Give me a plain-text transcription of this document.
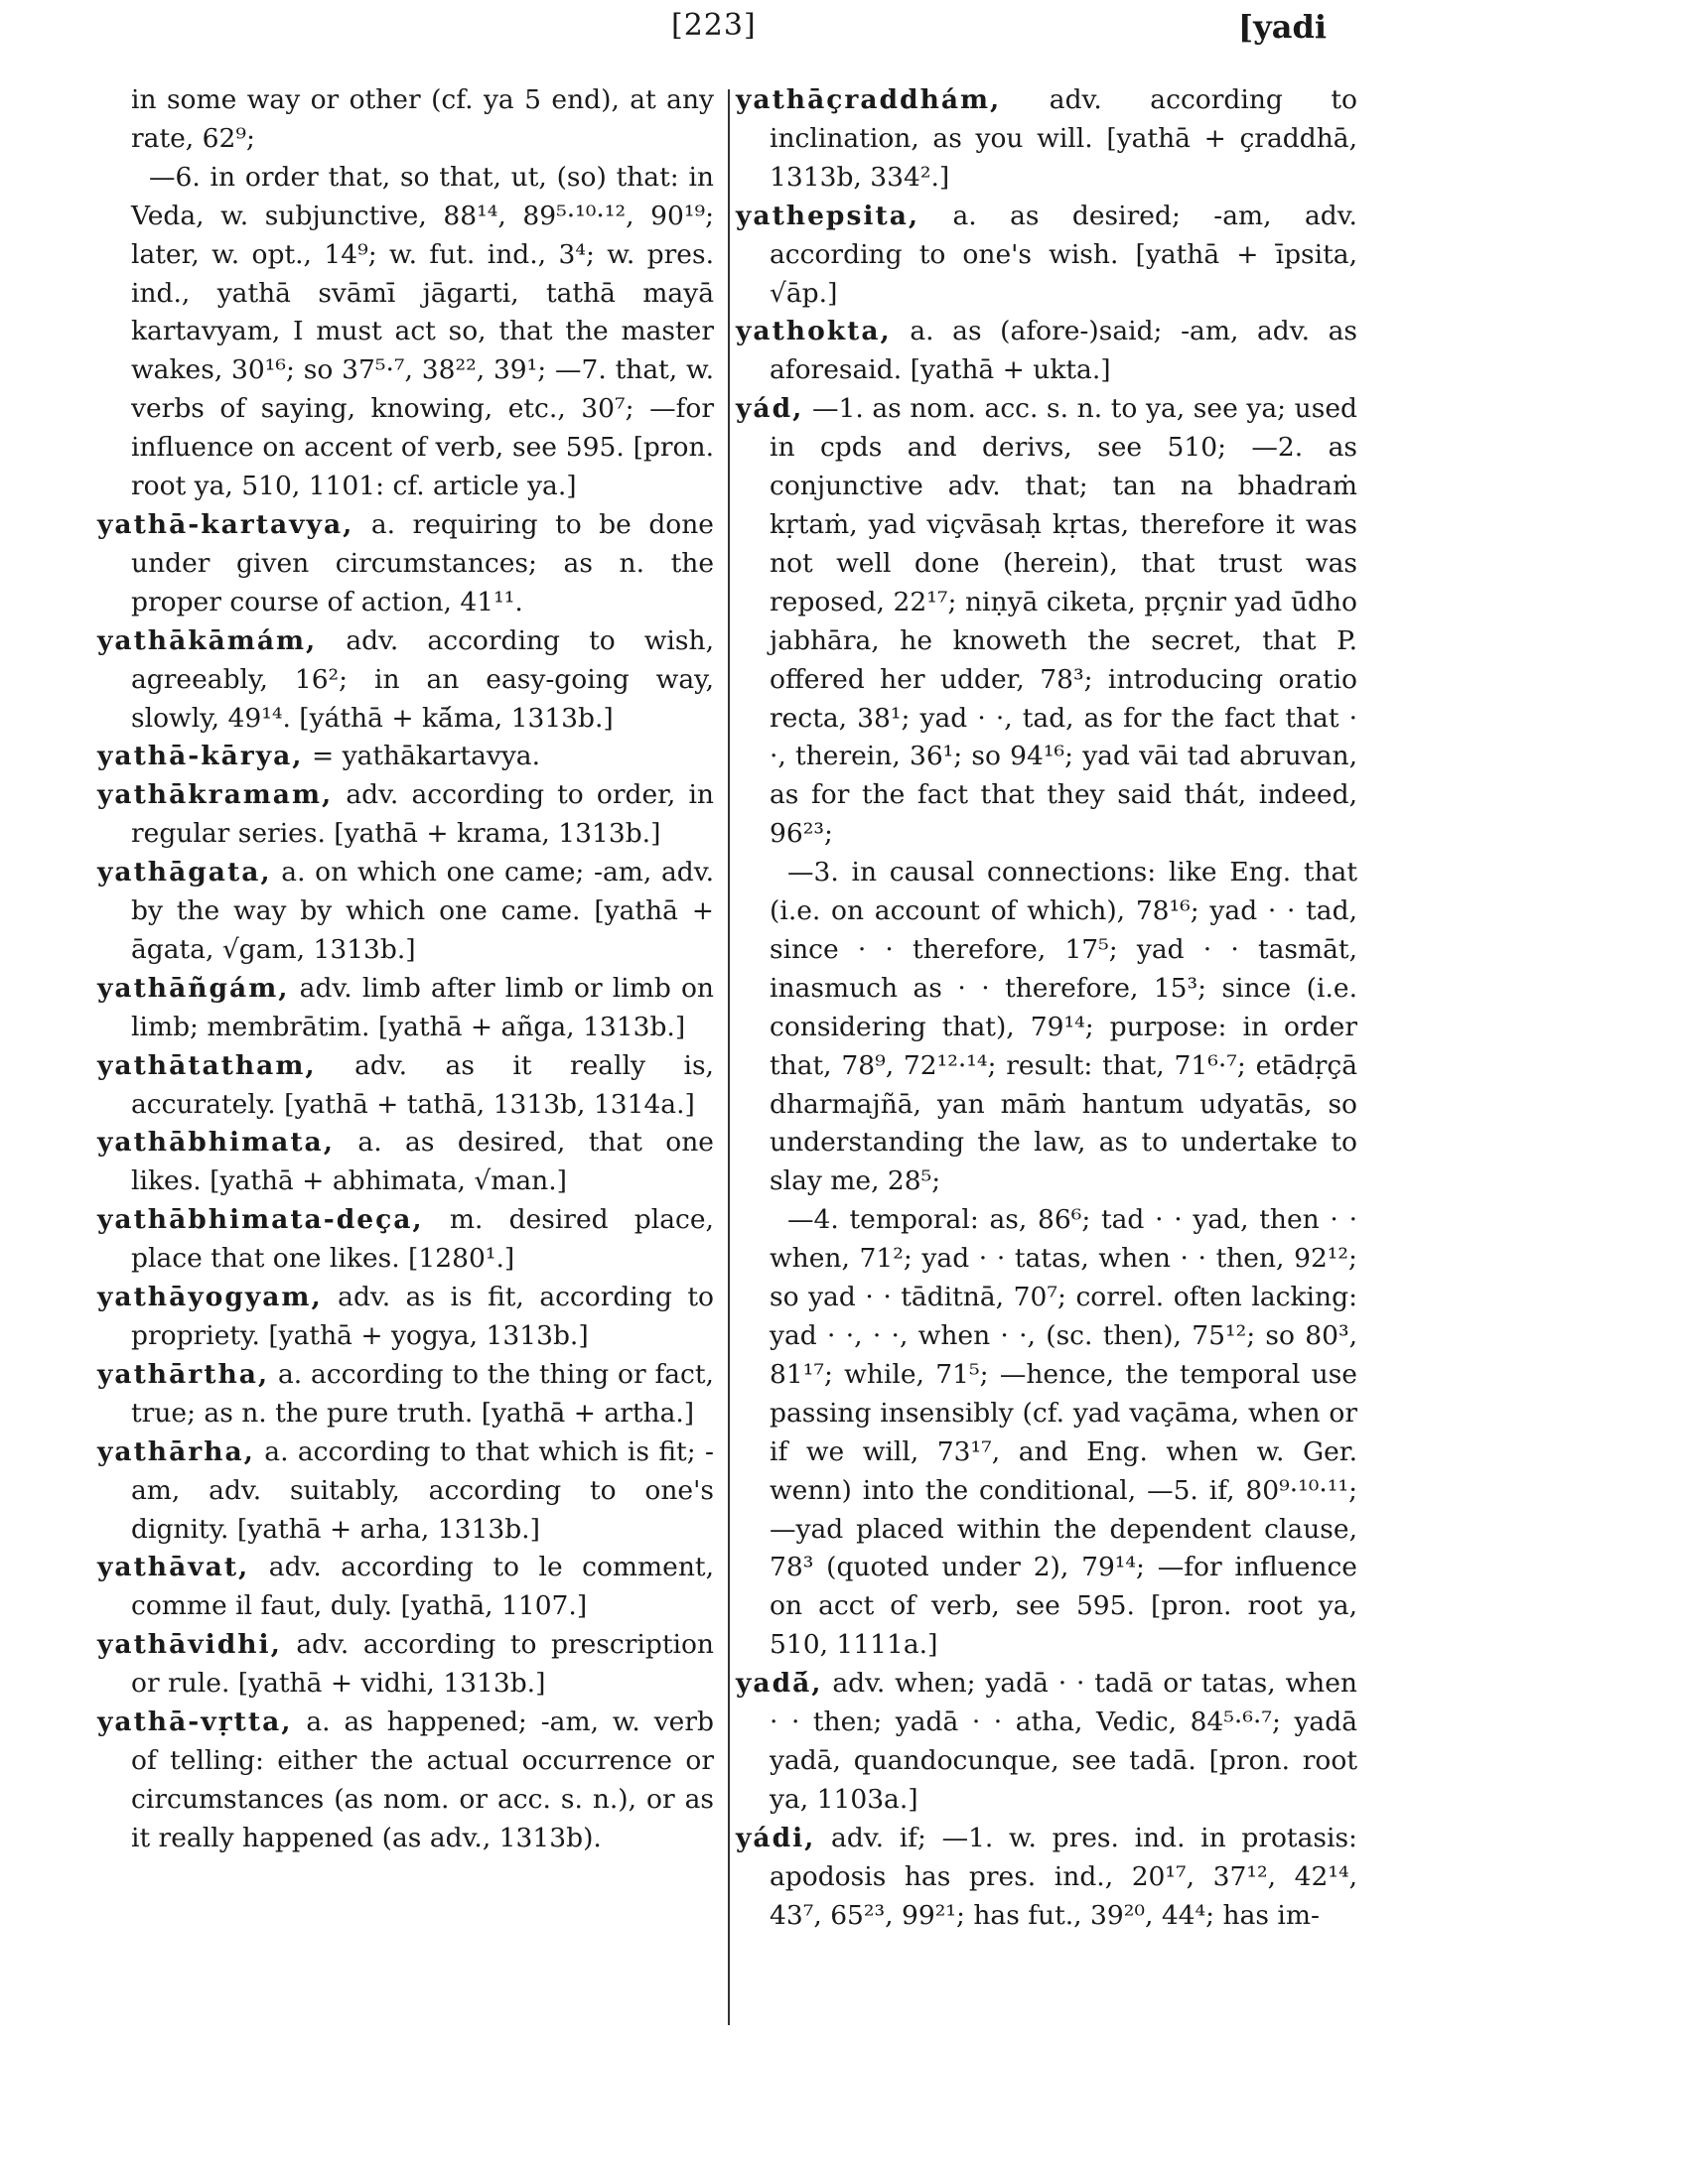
[223]	[yadi

in some way or other (cf. ya 5 end), at any rate, 62⁹;

—6. in order that, so that, ut, (so) that: in Veda, w. subjunctive, 88¹⁴, 89⁵·¹⁰·¹², 90¹⁹; later, w. opt., 14⁹; w. fut. ind., 3⁴; w. pres. ind., yathā svāmī jāgarti, tathā mayā kartavyam, I must act so, that the master wakes, 30¹⁶; so 37⁵·⁷, 38²², 39¹; —7. that, w. verbs of saying, knowing, etc., 30⁷; —for influence on accent of verb, see 595. [pron. root ya, 510, 1101: cf. article ya.]

yathā-kartavya, a. requiring to be done under given circumstances; as n. the proper course of action, 41¹¹.

yathākāmám, adv. according to wish, agreeably, 16²; in an easy-going way, slowly, 49¹⁴. [yáthā + kā́ma, 1313b.]

yathā-kārya, = yathākartavya.

yathākramam, adv. according to order, in regular series. [yathā + krama, 1313b.]

yathāgata, a. on which one came; -am, adv. by the way by which one came. [yathā + āgata, √gam, 1313b.]

yathāñgám, adv. limb after limb or limb on limb; membrātim. [yathā + añga, 1313b.]

yathātatham, adv. as it really is, accurately. [yathā + tathā, 1313b, 1314a.]

yathābhimata, a. as desired, that one likes. [yathā + abhimata, √man.]

yathābhimata-deça, m. desired place, place that one likes. [1280¹.]

yathāyogyam, adv. as is fit, according to propriety. [yathā + yogya, 1313b.]

yathārtha, a. according to the thing or fact, true; as n. the pure truth. [yathā + artha.]

yathārha, a. according to that which is fit; -am, adv. suitably, according to one's dignity. [yathā + arha, 1313b.]

yathāvat, adv. according to le comment, comme il faut, duly. [yathā, 1107.]

yathāvidhi, adv. according to prescription or rule. [yathā + vidhi, 1313b.]

yathā-vṛtta, a. as happened; -am, w. verb of telling: either the actual occurrence or circumstances (as nom. or acc. s. n.), or as it really happened (as adv., 1313b).

yathāçraddhám, adv. according to inclination, as you will. [yathā + çraddhā, 1313b, 334².]

yathepsita, a. as desired; -am, adv. according to one's wish. [yathā + īpsita, √āp.]

yathokta, a. as (afore-)said; -am, adv. as aforesaid. [yathā + ukta.]

yád, —1. as nom. acc. s. n. to ya, see ya; used in cpds and derivs, see 510; —2. as conjunctive adv. that; tan na bhadraṁ kṛtaṁ, yad viçvāsaḥ kṛtas, therefore it was not well done (herein), that trust was reposed, 22¹⁷; niṇyā ciketa, pṛçnir yad ūdho jabhāra, he knoweth the secret, that P. offered her udder, 78³; introducing oratio recta, 38¹; yad · ·, tad, as for the fact that · ·, therein, 36¹; so 94¹⁶; yad vāi tad abruvan, as for the fact that they said thát, indeed, 96²³;

—3. in causal connections: like Eng. that (i.e. on account of which), 78¹⁶; yad · · tad, since · · therefore, 17⁵; yad · · tasmāt, inasmuch as · · therefore, 15³; since (i.e. considering that), 79¹⁴; purpose: in order that, 78⁹, 72¹²·¹⁴; result: that, 71⁶·⁷; etādṛçā dharmajñā, yan māṁ hantum udyatās, so understanding the law, as to undertake to slay me, 28⁵;

—4. temporal: as, 86⁶; tad · · yad, then · · when, 71²; yad · · tatas, when · · then, 92¹²; so yad · · tāditnā, 70⁷; correl. often lacking: yad · ·, · ·, when · ·, (sc. then), 75¹²; so 80³, 81¹⁷; while, 71⁵; —hence, the temporal use passing insensibly (cf. yad vaçāma, when or if we will, 73¹⁷, and Eng. when w. Ger. wenn) into the conditional, —5. if, 80⁹·¹⁰·¹¹; —yad placed within the dependent clause, 78³ (quoted under 2), 79¹⁴; —for influence on acct of verb, see 595. [pron. root ya, 510, 1111a.]

yadā́, adv. when; yadā · · tadā or tatas, when · · then; yadā · · atha, Vedic, 84⁵·⁶·⁷; yadā yadā, quandocunque, see tadā. [pron. root ya, 1103a.]

yádi, adv. if; —1. w. pres. ind. in protasis: apodosis has pres. ind., 20¹⁷, 37¹², 42¹⁴, 43⁷, 65²³, 99²¹; has fut., 39²⁰, 44⁴; has im-
